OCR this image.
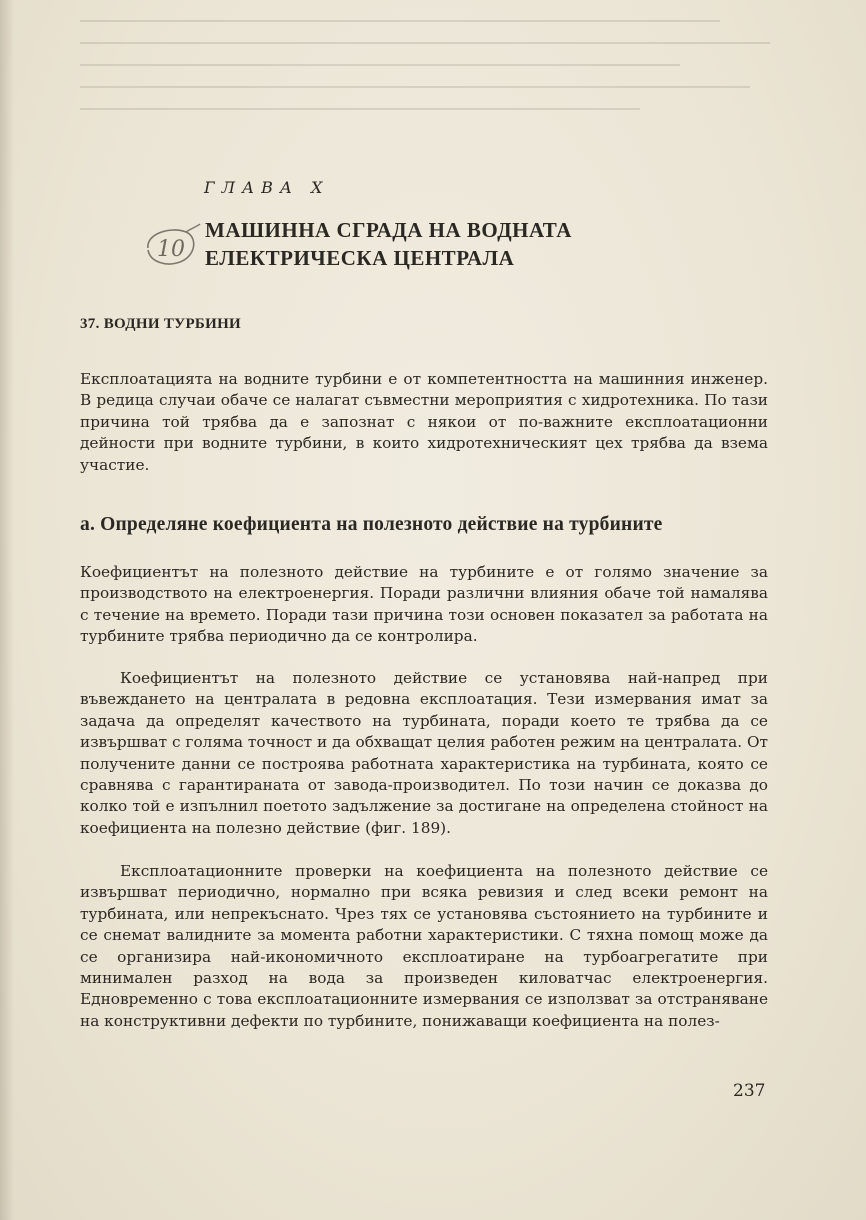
ГЛАВА X
10
МАШИННА СГРАДА НА ВОДНАТА
ЕЛЕКТРИЧЕСКА ЦЕНТРАЛА
37. ВОДНИ ТУРБИНИ

Експлоатацията на водните турбини е от компетентността на машинния инженер. В редица случаи обаче се налагат съвместни мероприятия с хидротехника. По тази причина той трябва да е запознат с някои от по-важните експлоатационни дейности при водните турбини, в които хидротехническият цех трябва да взема участие.

а. Определяне коефициента на полезното действие на турбините

Коефициентът на полезното действие на турбините е от голямо значение за производството на електроенергия. Поради различни влияния обаче той намалява с течение на времето. Поради тази причина този основен показател за работата на турбините трябва периодично да се контролира.

Коефициентът на полезното действие се установява най-напред при въвеждането на централата в редовна експлоатация. Тези измервания имат за задача да определят качеството на турбината, поради което те трябва да се извършват с голяма точност и да обхващат целия работен режим на централата. От получените данни се построява работната характеристика на турбината, която се сравнява с гарантираната от завода-производител. По този начин се доказва до колко той е изпълнил поетото задължение за достигане на определена стойност на коефициента на полезно действие (фиг. 189).

Експлоатационните проверки на коефициента на полезното действие се извършват периодично, нормално при всяка ревизия и след всеки ремонт на турбината, или непрекъснато. Чрез тях се установява състоянието на турбините и се снемат валидните за момента работни характеристики. С тяхна помощ може да се организира най-икономичното експлоатиране на турбоагрегатите при минимален разход на вода за произведен киловатчас електроенергия. Едновременно с това експлоатационните измервания се използват за отстраняване на конструктивни дефекти по турбините, понижаващи коефициента на полез-

237
